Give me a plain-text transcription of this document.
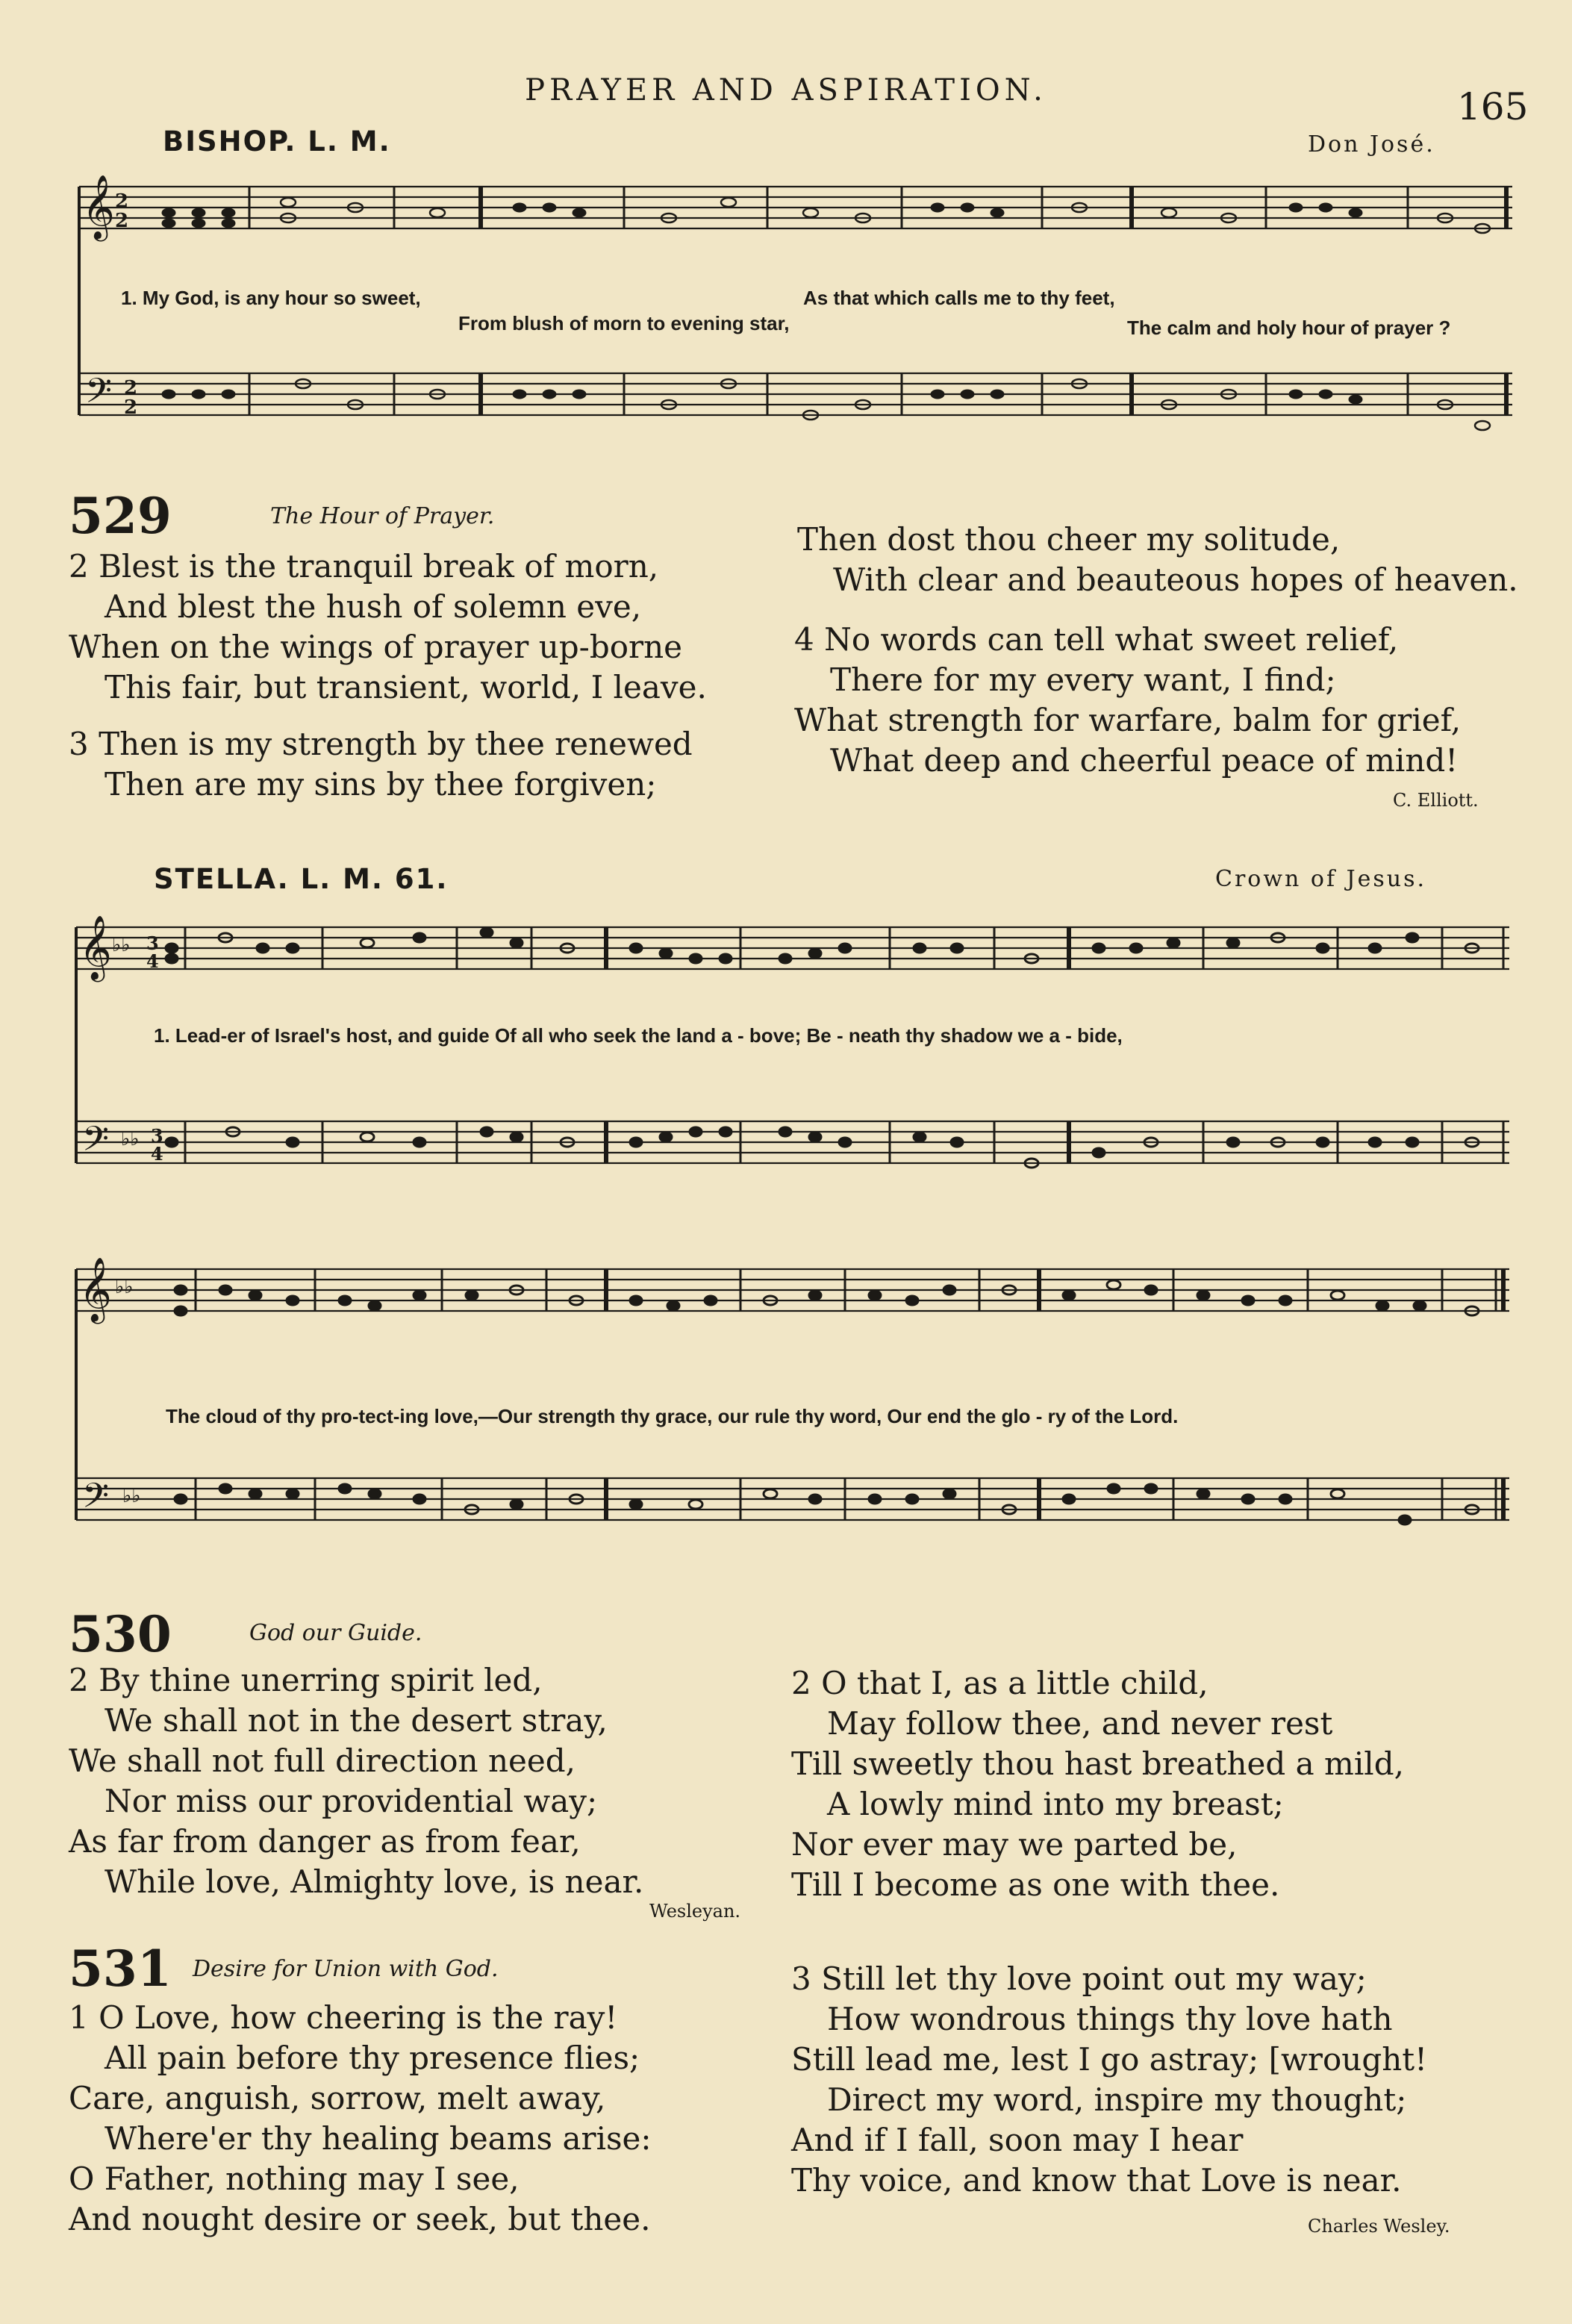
PRAYER AND ASPIRATION.	165
BISHOP. L. M.	Don José.
𝄞
𝄢
2
2
2
2
1. My God, is any hour so sweet,	As that which calls me to thy feet,
From blush of morn to evening star,	The calm and holy hour of prayer ?
529	The Hour of Prayer.
2 Blest is the tranquil break of morn,
And blest the hush of solemn eve,
When on the wings of prayer up-borne
This fair, but transient, world, I leave.
3 Then is my strength by thee renewed
Then are my sins by thee forgiven;
Then dost thou cheer my solitude,
With clear and beauteous hopes of heaven.
4 No words can tell what sweet relief,
There for my every want, I find;
What strength for warfare, balm for grief,
What deep and cheerful peace of mind!
C. Elliott.
STELLA. L. M. 61.	Crown of Jesus.
𝄞
𝄢
♭♭
♭♭
3
4
3
4
1. Lead-er of Israel's host, and guide Of all who seek the land a - bove; Be - neath thy shadow we a - bide,
𝄞
𝄢
♭♭
♭♭
The cloud of thy pro-tect-ing love,—Our strength thy grace, our rule thy word, Our end the glo - ry of the Lord.
530	God our Guide.
2 By thine unerring spirit led,
We shall not in the desert stray,
We shall not full direction need,
Nor miss our providential way;
As far from danger as from fear,
While love, Almighty love, is near.
Wesleyan.
2 O that I, as a little child,
May follow thee, and never rest
Till sweetly thou hast breathed a mild,
A lowly mind into my breast;
Nor ever may we parted be,
Till I become as one with thee.
531 Desire for Union with God.
1 O Love, how cheering is the ray!
All pain before thy presence flies;
Care, anguish, sorrow, melt away,
Where'er thy healing beams arise:
O Father, nothing may I see,
And nought desire or seek, but thee.
3 Still let thy love point out my way;
How wondrous things thy love hath
Still lead me, lest I go astray; [wrought!
Direct my word, inspire my thought;
And if I fall, soon may I hear
Thy voice, and know that Love is near.
Charles Wesley.
